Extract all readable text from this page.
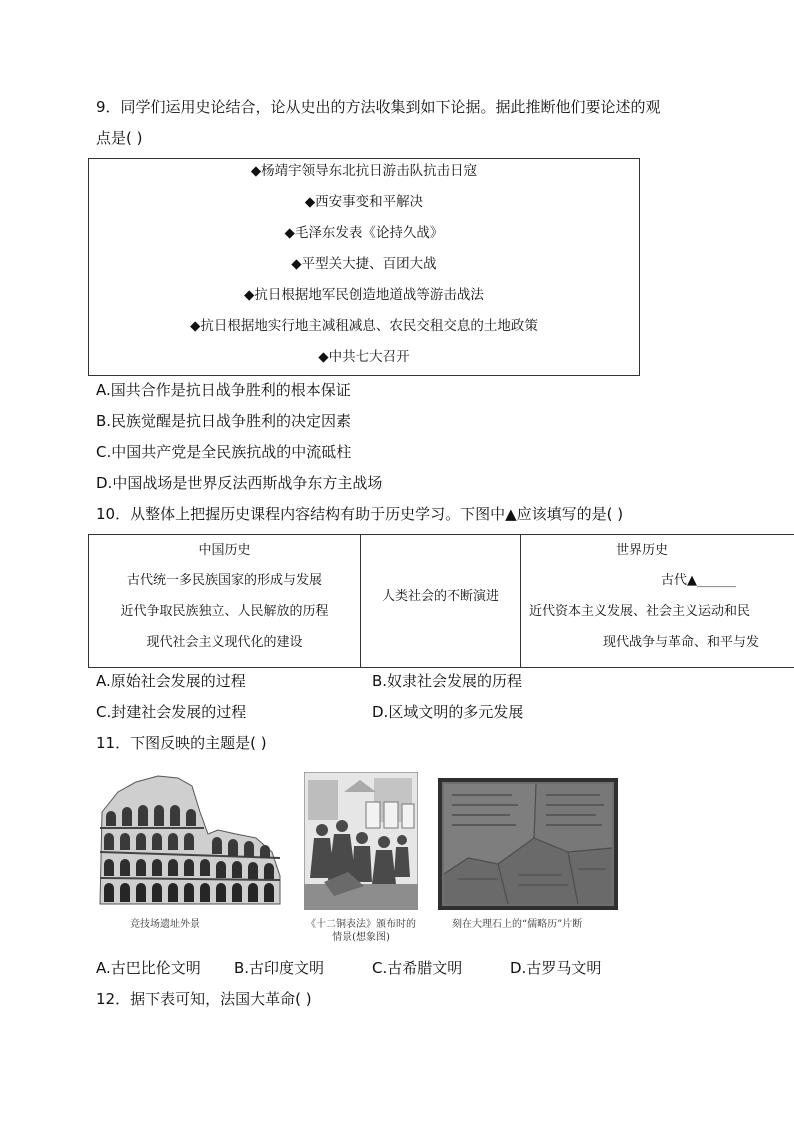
9．同学们运用史论结合，论从史出的方法收集到如下论据。据此推断他们要论述的观
点是( )
◆杨靖宇领导东北抗日游击队抗击日寇
◆西安事变和平解决
◆毛泽东发表《论持久战》
◆平型关大捷、百团大战
◆抗日根据地军民创造地道战等游击战法
◆抗日根据地实行地主减租减息、农民交租交息的土地政策
◆中共七大召开
A.国共合作是抗日战争胜利的根本保证
B.民族觉醒是抗日战争胜利的决定因素
C.中国共产党是全民族抗战的中流砥柱
D.中国战场是世界反法西斯战争东方主战场
10．从整体上把握历史课程内容结构有助于历史学习。下图中▲应该填写的是( )
中国历史
古代统一多民族国家的形成与发展
近代争取民族独立、人民解放的历程
现代社会主义现代化的建设
人类社会的不断演进
世界历史
古代▲______
近代资本主义发展、社会主义运动和民
现代战争与革命、和平与发
A.原始社会发展的过程	B.奴隶社会发展的历程
C.封建社会发展的过程	D.区域文明的多元发展
11．下图反映的主题是( )
竞技场遗址外景	《十二铜表法》颁布时的
情景(想象图)
刻在大理石上的“儒略历”片断
A.古巴比伦文明 B.古印度文明	C.古希腊文明	D.古罗马文明
12．据下表可知，法国大革命( )
